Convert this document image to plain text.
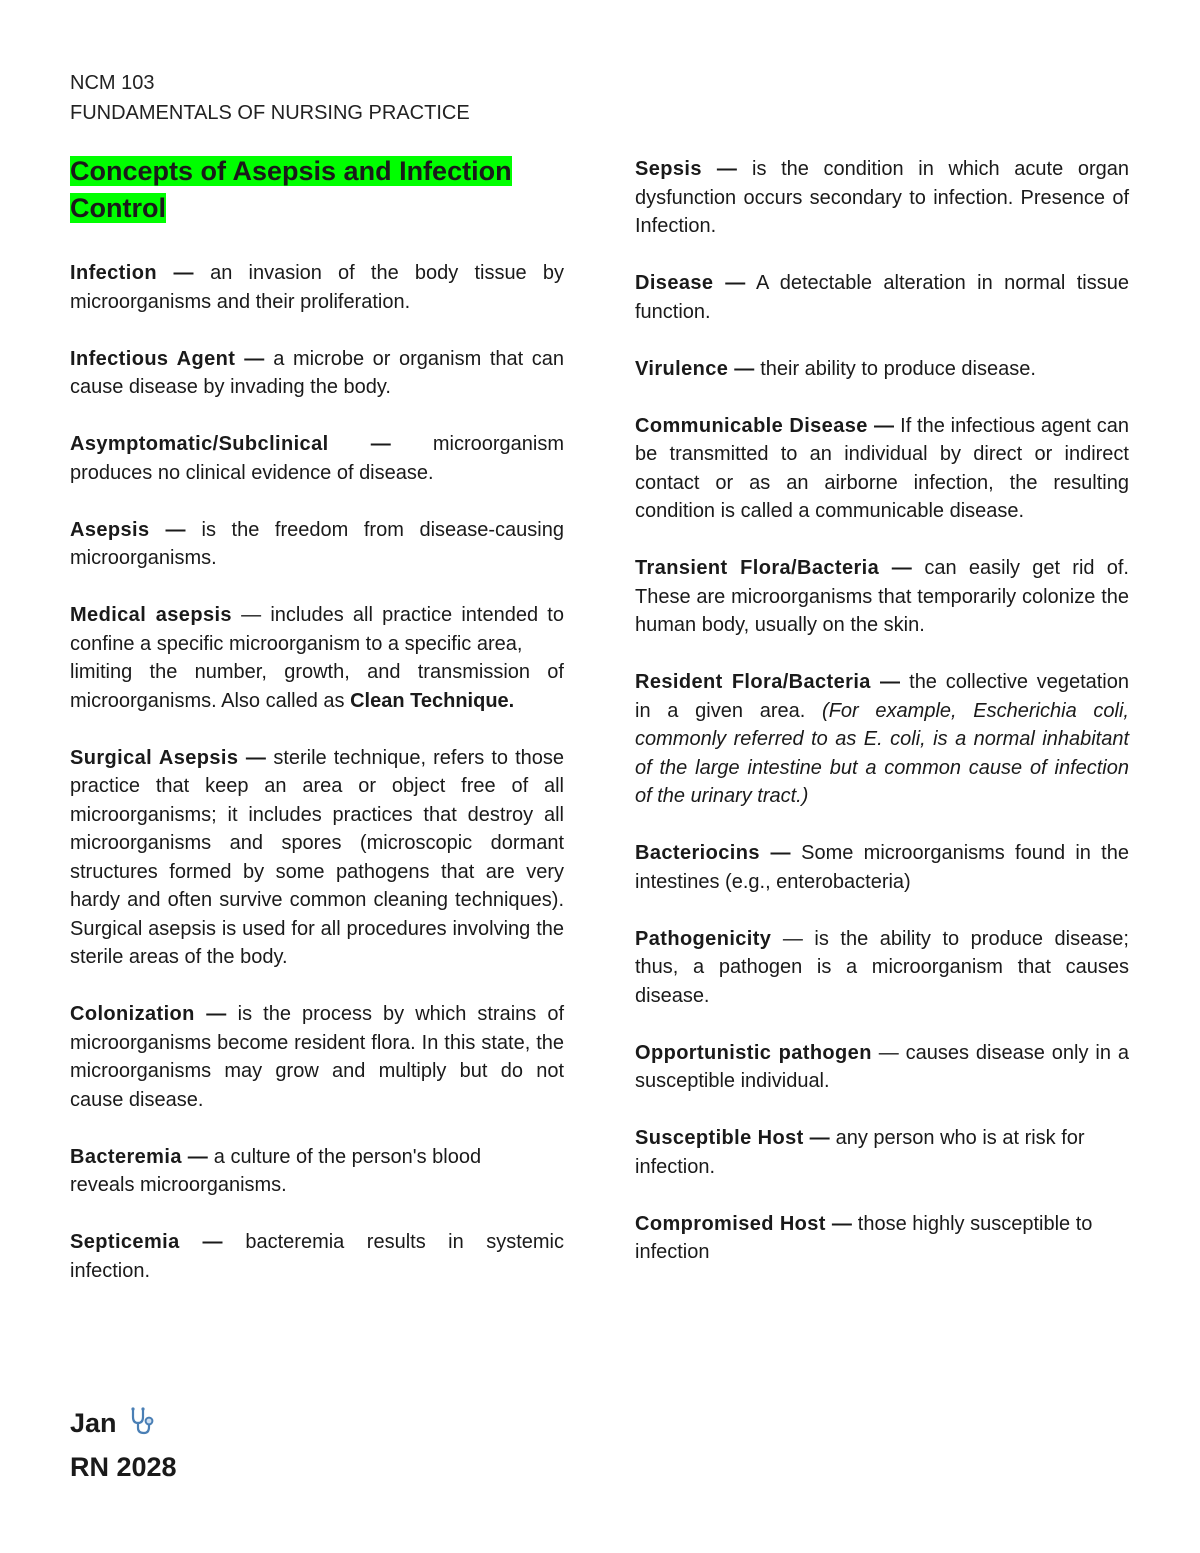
NCM 103
FUNDAMENTALS OF NURSING PRACTICE
Concepts of Asepsis and Infection
Control

Infection — an invasion of the body tissue by microorganisms and their proliferation.

Infectious Agent — a microbe or organism that can cause disease by invading the body.

Asymptomatic/Subclinical — microorganism produces no clinical evidence of disease.

Asepsis — is the freedom from disease-causing microorganisms.

Medical asepsis — includes all practice intended to confine a specific microorganism to a specific area,
limiting the number, growth, and transmission of microorganisms. Also called as Clean Technique.

Surgical Asepsis — sterile technique, refers to those practice that keep an area or object free of all microorganisms; it includes practices that destroy all microorganisms and spores (microscopic dormant structures formed by some pathogens that are very hardy and often survive common cleaning techniques). Surgical asepsis is used for all procedures involving the sterile areas of the body.

Colonization — is the process by which strains of microorganisms become resident flora. In this state, the microorganisms may grow and multiply but do not cause disease.

Bacteremia — a culture of the person's blood
reveals microorganisms.

Septicemia — bacteremia results in systemic infection.

Sepsis — is the condition in which acute organ dysfunction occurs secondary to infection. Presence of Infection.

Disease — A detectable alteration in normal tissue function.

Virulence — their ability to produce disease.

Communicable Disease — If the infectious agent can be transmitted to an individual by direct or indirect contact or as an airborne infection, the resulting condition is called a communicable disease.

Transient Flora/Bacteria — can easily get rid of. These are microorganisms that temporarily colonize the human body, usually on the skin.

Resident Flora/Bacteria — the collective vegetation in a given area. (For example, Escherichia coli, commonly referred to as E. coli, is a normal inhabitant of the large intestine but a common cause of infection of the urinary tract.)

Bacteriocins — Some microorganisms found in the intestines (e.g., enterobacteria)

Pathogenicity — is the ability to produce disease; thus, a pathogen is a microorganism that causes disease.

Opportunistic pathogen — causes disease only in a susceptible individual.

Susceptible Host — any person who is at risk for infection.

Compromised Host — those highly susceptible to infection

Jan
RN 2028
